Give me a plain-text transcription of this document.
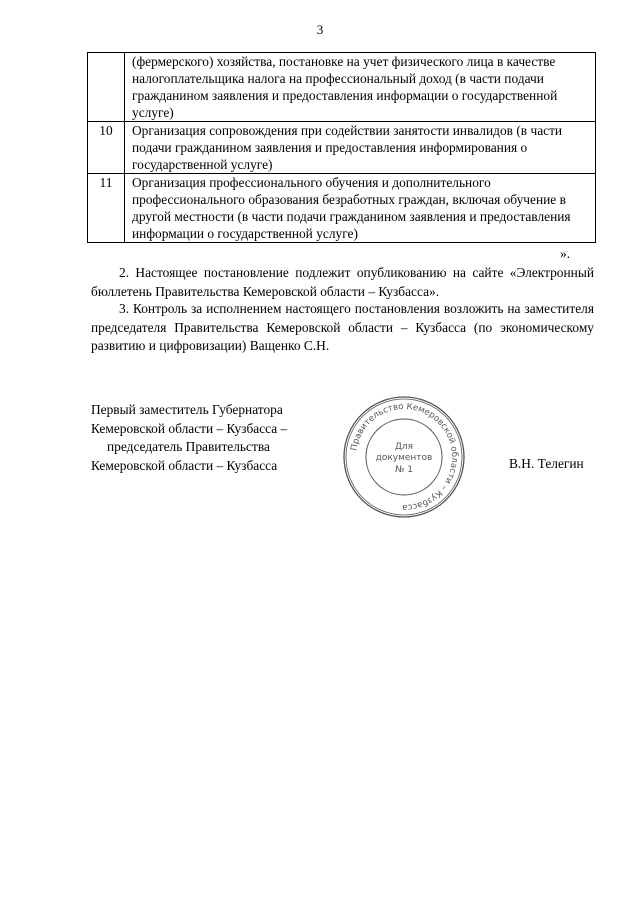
3
	(фермерского) хозяйства, постановке на учет физического лица в качестве налогоплательщика налога на профессиональный доход (в части подачи гражданином заявления и предоставления информации о государственной услуге)
10	Организация сопровождения при содействии занятости инвалидов (в части подачи гражданином заявления и предоставления информирования о государственной услуге)
11	Организация профессионального обучения и дополнительного профессионального образования безработных граждан, включая обучение в другой местности (в части подачи гражданином заявления и предоставления информации о государственной услуге)
».
2. Настоящее постановление подлежит опубликованию на сайте «Электронный бюллетень Правительства Кемеровской области – Кузбасса».
3. Контроль за исполнением настоящего постановления возложить на заместителя председателя Правительства Кемеровской области – Кузбасса (по экономическому развитию и цифровизации) Ващенко С.Н.
Первый заместитель Губернатора
Кемеровской области – Кузбасса –
председатель Правительства
Кемеровской области – Кузбасса	В.Н. Телегин
Правительство Кемеровской области – Кузбасса
Для
документов
№ 1
